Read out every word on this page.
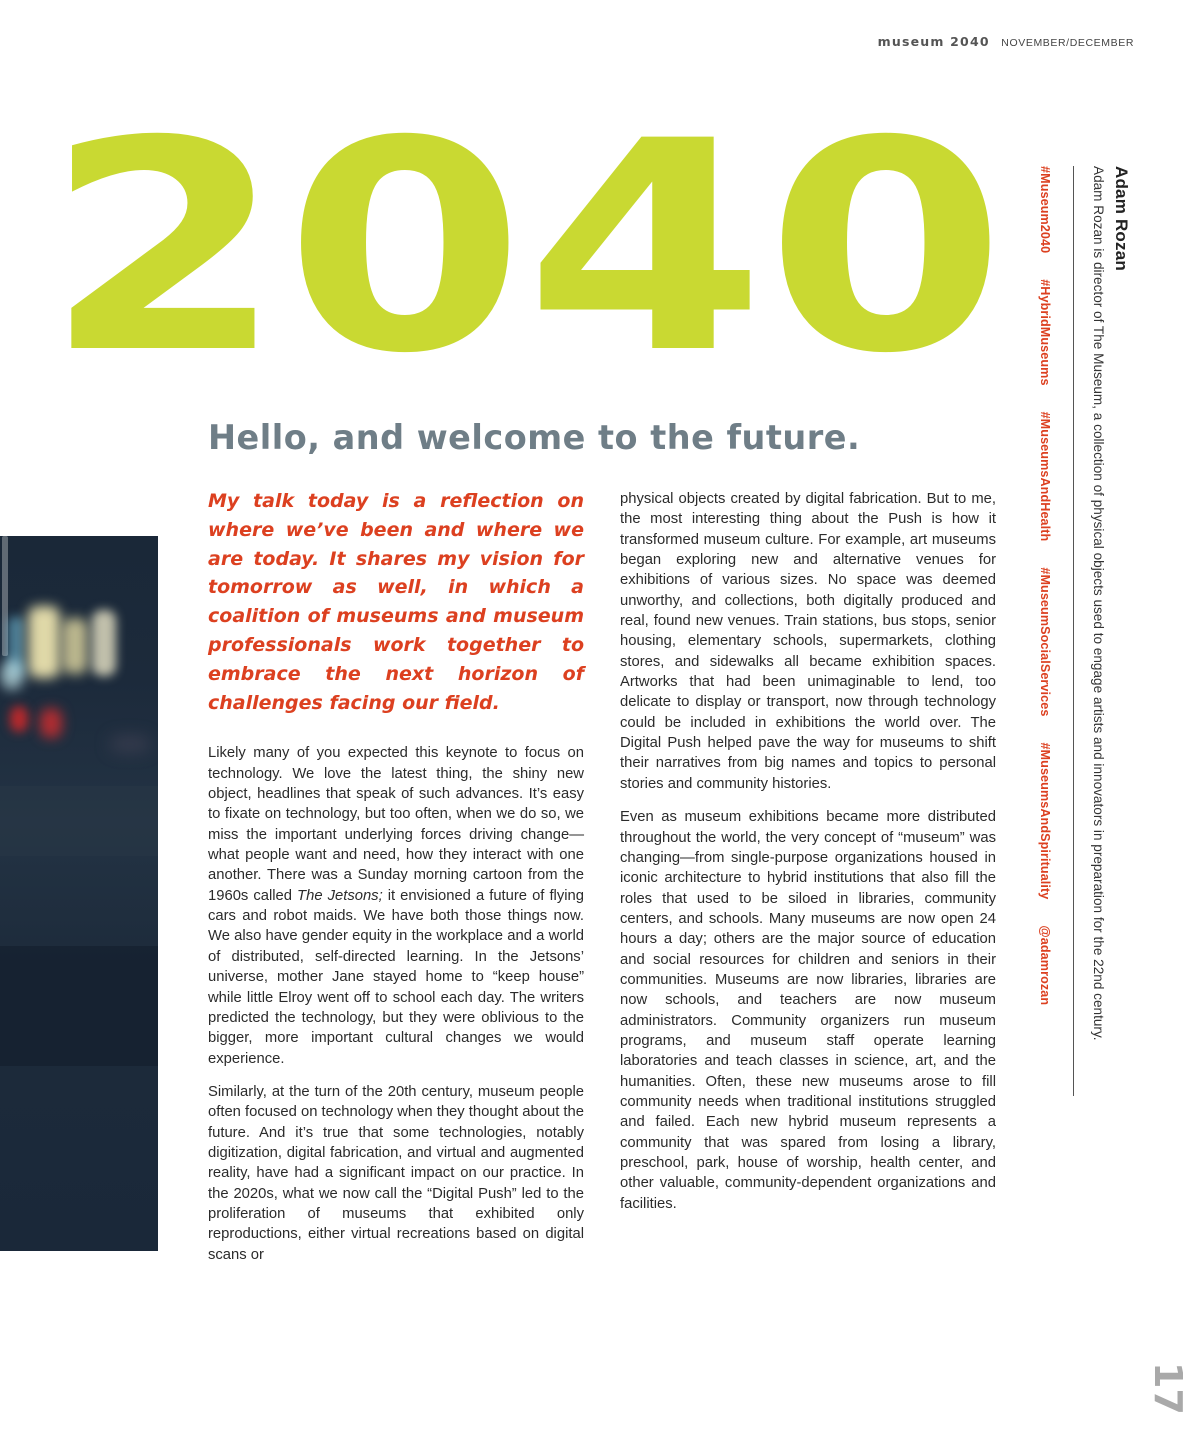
museum 2040 NOVEMBER/DECEMBER
2040
Hello, and welcome to the future.

My talk today is a reflection on where we’ve been and where we are today. It shares my vision for tomorrow as well, in which a coalition of museums and museum professionals work together to embrace the next horizon of challenges facing our field.

Likely many of you expected this keynote to focus on technology. We love the latest thing, the shiny new object, headlines that speak of such advances. It’s easy to fixate on technology, but too often, when we do so, we miss the important underlying forces driving change—what people want and need, how they interact with one another. There was a Sunday morning cartoon from the 1960s called The Jetsons; it envisioned a future of flying cars and robot maids. We have both those things now. We also have gender equity in the workplace and a world of distributed, self-directed learning. In the Jetsons’ universe, mother Jane stayed home to “keep house” while little Elroy went off to school each day. The writers predicted the technology, but they were oblivious to the bigger, more important cultural changes we would experience.

Similarly, at the turn of the 20th century, museum people often focused on technology when they thought about the future. And it’s true that some technologies, notably digitization, digital fabrication, and virtual and augmented reality, have had a significant impact on our practice. In the 2020s, what we now call the “Digital Push” led to the proliferation of museums that exhibited only reproductions, either virtual recreations based on digital scans or

physical objects created by digital fabrication. But to me, the most interesting thing about the Push is how it transformed museum culture. For example, art museums began exploring new and alternative venues for exhibitions of various sizes. No space was deemed unworthy, and collections, both digitally produced and real, found new venues. Train stations, bus stops, senior housing, elementary schools, supermarkets, clothing stores, and sidewalks all became exhibition spaces. Artworks that had been unimaginable to lend, too delicate to display or transport, now through technology could be included in exhibitions the world over. The Digital Push helped pave the way for museums to shift their narratives from big names and topics to personal stories and community histories.

Even as museum exhibitions became more distributed throughout the world, the very concept of “museum” was changing—from single-purpose organizations housed in iconic architecture to hybrid institutions that also fill the roles that used to be siloed in libraries, community centers, and schools. Many museums are now open 24 hours a day; others are the major source of education and social resources for children and seniors in their communities. Museums are now libraries, libraries are now schools, and teachers are now museum administrators. Community organizers run museum programs, and museum staff operate learning laboratories and teach classes in science, art, and the humanities. Often, these new museums arose to fill community needs when traditional institutions struggled and failed. Each new hybrid museum represents a community that was spared from losing a library, preschool, park, house of worship, health center, and other valuable, community-dependent organizations and facilities.

Adam Rozan

Adam Rozan is director of The Museum, a collection of physical objects used to engage artists and innovators in preparation for the 22nd century.

#Museum2040#HybridMuseums#MuseumsAndHealth#MuseumSocialServices#MuseumsAndSpirituality@adamrozan
17
